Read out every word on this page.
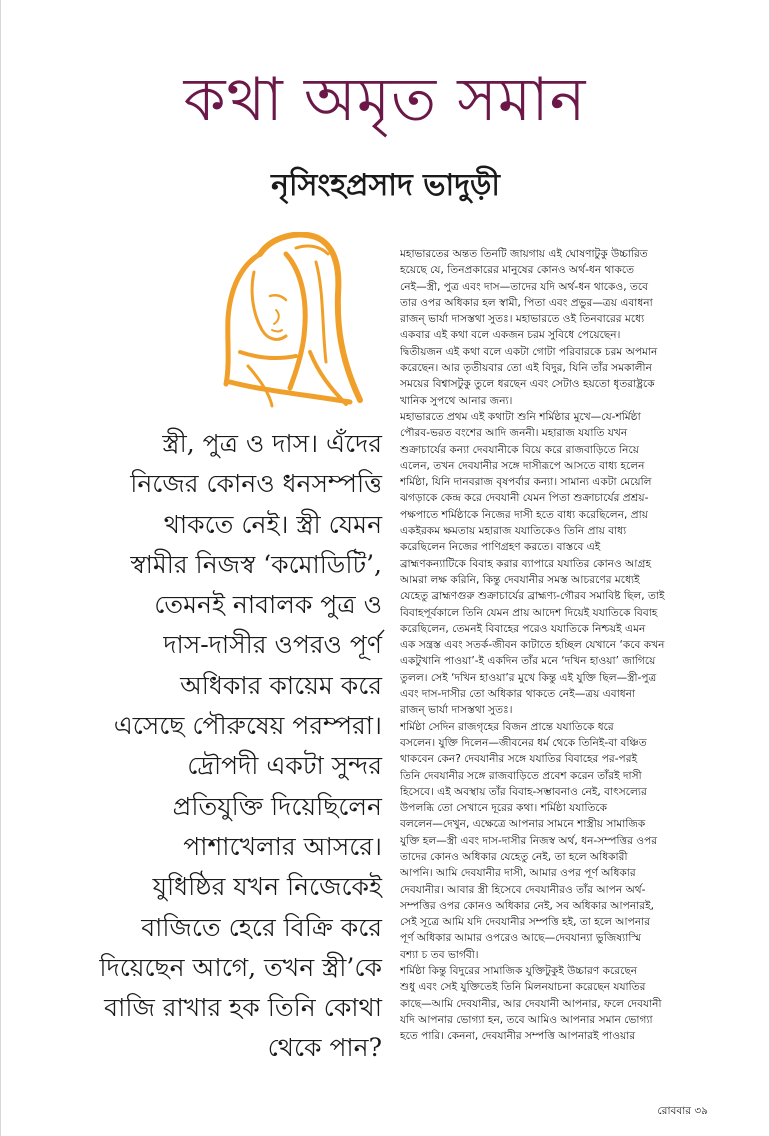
কথা অমৃত সমান
নৃসিংহপ্রসাদ ভাদুড়ী
স্ত্রী, পুত্র ও দাস। এঁদের
নিজের কোনও ধনসম্পত্তি
থাকতে নেই। স্ত্রী যেমন
স্বামীর নিজস্ব ‘কমোডিটি’,
তেমনই নাবালক পুত্র ও
দাস-দাসীর ওপরও পূর্ণ
অধিকার কায়েম করে
এসেছে পৌরুষেয় পরম্পরা।
দ্রৌপদী একটা সুন্দর
প্রতিযুক্তি দিয়েছিলেন
পাশাখেলার আসরে।
যুধিষ্ঠির যখন নিজেকেই
বাজিতে হেরে বিক্রি করে
দিয়েছেন আগে, তখন স্ত্রী’কে
বাজি রাখার হক তিনি কোথা
থেকে পান?
মহাভারতের অন্তত তিনটি জায়গায় এই ঘোষণাটুকু উচ্চারিত
হয়েছে যে, তিনপ্রকারের মানুষের কোনও অর্থ-ধন থাকতে
নেই—স্ত্রী, পুত্র এবং দাস—তাদের যদি অর্থ-ধন থাকেও, তবে
তার ওপর অধিকার হল স্বামী, পিতা এবং প্রভুর—ত্রয় এবাধনা
রাজন্ ভার্যা দাসস্তথা সুতঃ। মহাভারতে ওই তিনবারের মধ্যে
একবার এই কথা বলে একজন চরম সুবিধে পেয়েছেন।
দ্বিতীয়জন এই কথা বলে একটা গোটা পরিবারকে চরম অপমান
করেছেন। আর তৃতীয়বার তো এই বিদুর, যিনি তাঁর সমকালীন
সময়ের বিশ্বাসটুকু তুলে ধরছেন এবং সেটাও হয়তো ধৃতরাষ্ট্রকে
খানিক সুপথে আনার জন্য।
মহাভারতে প্রথম এই কথাটা শুনি শর্মিষ্ঠার মুখে—যে-শর্মিষ্ঠা
পৌরব-ভরত বংশের আদি জননী। মহারাজ যযাতি যখন
শুক্রাচার্যের কন্যা দেবযানীকে বিয়ে করে রাজবাড়িতে নিয়ে
এলেন, তখন দেবযানীর সঙ্গে দাসীরূপে আসতে বাধ্য হলেন
শর্মিষ্ঠা, যিনি দানবরাজ বৃষপর্বার কন্যা। সামান্য একটা মেয়েলি
ঝগড়াকে কেন্দ্র করে দেবযানী যেমন পিতা শুক্রাচার্যের প্রশ্রয়-
পক্ষপাতে শর্মিষ্ঠাকে নিজের দাসী হতে বাধ্য করেছিলেন, প্রায়
একইরকম ক্ষমতায় মহারাজ যযাতিকেও তিনি প্রায় বাধ্য
করেছিলেন নিজের পাণিগ্রহণ করতে। বাস্তবে এই
ব্রাহ্মণকন্যাটিকে বিবাহ করার ব্যাপারে যযাতির কোনও আগ্রহ
আমরা লক্ষ করিনি, কিন্তু দেবযানীর সমস্ত আচরণের মধ্যেই
যেহেতু ব্রাহ্মণগুরু শুক্রাচার্যের ব্রাহ্মণ্য-গৌরব সমাবিষ্ট ছিল, তাই
বিবাহপূর্বকালে তিনি যেমন প্রায় আদেশ দিয়েই যযাতিকে বিবাহ
করেছিলেন, তেমনই বিবাহের পরেও যযাতিকে নিশ্চয়ই এমন
এক সন্ত্রস্ত এবং সতর্ক-জীবন কাটাতে হচ্ছিল যেখানে ‘কবে কখন
একটুখানি পাওয়া’-ই একদিন তাঁর মনে ‘দখিন হাওয়া’ জাগিয়ে
তুলল। সেই ‘দখিন হাওয়া’র মুখে কিন্তু এই যুক্তি ছিল—স্ত্রী-পুত্র
এবং দাস-দাসীর তো অধিকার থাকতে নেই—ত্রয় এবাধনা
রাজন্ ভার্যা দাসস্তথা সুতঃ।
শর্মিষ্ঠা সেদিন রাজগৃহের বিজন প্রান্তে যযাতিকে ধরে
বসলেন। যুক্তি দিলেন—জীবনের ধর্ম থেকে তিনিই-বা বঞ্চিত
থাকবেন কেন? দেবযানীর সঙ্গে যযাতির বিবাহের পর-পরই
তিনি দেবযানীর সঙ্গে রাজবাড়িতে প্রবেশ করেন তাঁরই দাসী
হিসেবে। এই অবস্থায় তাঁর বিবাহ-সম্ভাবনাও নেই, বাৎসল্যের
উপলব্ধি তো সেখানে দূরের কথা। শর্মিষ্ঠা যযাতিকে
বললেন—দেখুন, এক্ষেত্রে আপনার সামনে শাস্ত্রীয় সামাজিক
যুক্তি হল—স্ত্রী এবং দাস-দাসীর নিজস্ব অর্থ, ধন-সম্পত্তির ওপর
তাদের কোনও অধিকার যেহেতু নেই, তা হলে অধিকারী
আপনি। আমি দেবযানীর দাসী, আমার ওপর পূর্ণ অধিকার
দেবযানীর। আবার স্ত্রী হিসেবে দেবযানীরও তাঁর আপন অর্থ-
সম্পত্তির ওপর কোনও অধিকার নেই, সব অধিকার আপনারই,
সেই সূত্রে আমি যদি দেবযানীর সম্পত্তি হই, তা হলে আপনার
পূর্ণ অধিকার আমার ওপরেও আছে—দেবযান্যা ভুজিষ্যাস্মি
বশ্যা চ তব ভার্গবী।
শর্মিষ্ঠা কিন্তু বিদুরের সামাজিক যুক্তিটুকুই উচ্চারণ করেছেন
শুধু এবং সেই যুক্তিতেই তিনি মিলনযাচনা করেছেন যযাতির
কাছে—আমি দেবযানীর, আর দেবযানী আপনার, ফলে দেবযানী
যদি আপনার ভোগ্যা হন, তবে আমিও আপনার সমান ভোগ্যা
হতে পারি। কেননা, দেবযানীর সম্পত্তি আপনারই পাওয়ার
রোববার ৩৯
